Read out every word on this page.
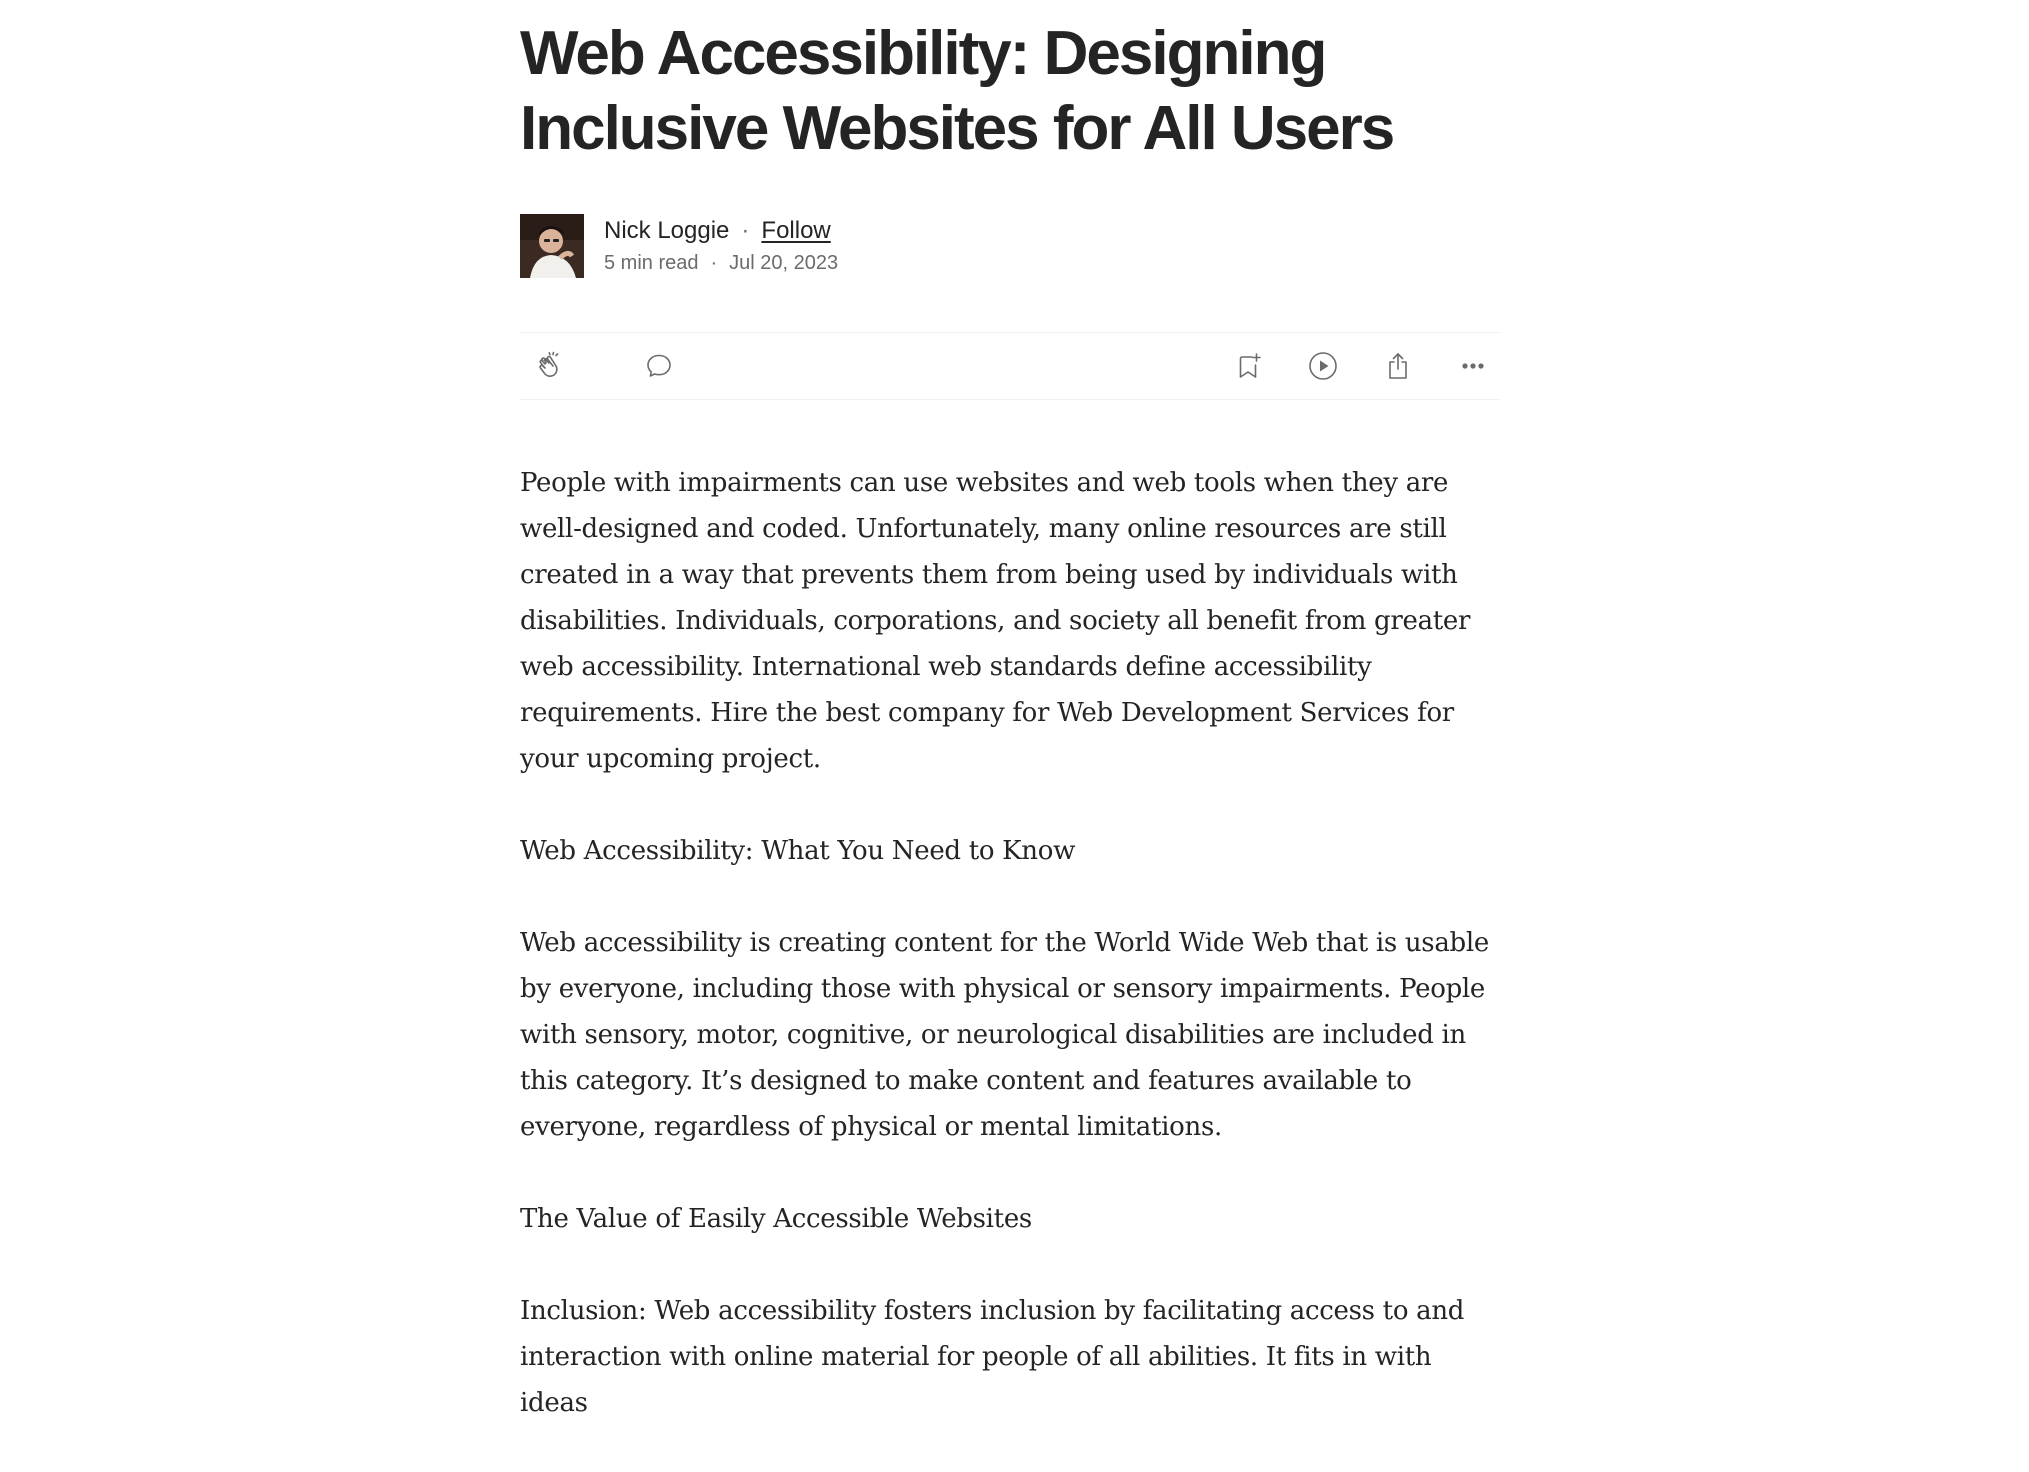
Web Accessibility: Designing Inclusive Websites for All Users
Nick Loggie · Follow
5 min read · Jul 20, 2023

People with impairments can use websites and web tools when they are well-designed and coded. Unfortunately, many online resources are still created in a way that prevents them from being used by individuals with disabilities. Individuals, corporations, and society all benefit from greater web accessibility. International web standards define accessibility requirements. Hire the best company for Web Development Services for your upcoming project.

Web Accessibility: What You Need to Know

Web accessibility is creating content for the World Wide Web that is usable by everyone, including those with physical or sensory impairments. People with sensory, motor, cognitive, or neurological disabilities are included in this category. It’s designed to make content and features available to everyone, regardless of physical or mental limitations.

The Value of Easily Accessible Websites

Inclusion: Web accessibility fosters inclusion by facilitating access to and interaction with online material for people of all abilities. It fits in with ideas
